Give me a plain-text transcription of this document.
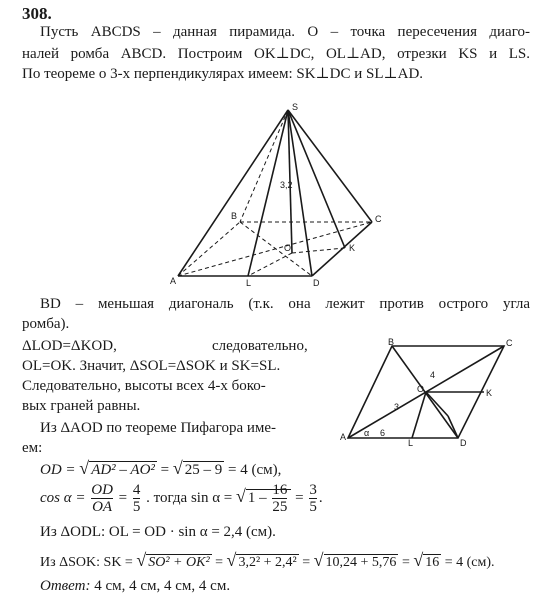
308.
Пусть ABCDS – данная пирамида. O – точка пересечения диаго-
налей ромба ABCD. Построим OK⊥DC, OL⊥AD, отрезки KS и LS.
По теореме о 3-х перпендикулярах имеем: SK⊥DC и SL⊥AD.
S
A
B	C
D
O	K
L
3,2
BD – меньшая диагональ (т.к. она лежит против острого угла
ромба).
ΔLOD=ΔKOD,	следовательно,
OL=OK. Значит, ΔSOL=ΔSOK и SK=SL.
Следовательно, высоты всех 4-х боко-
вых граней равны.
Из ΔAOD по теореме Пифагора име-
ем:
A
B	C
D
O	K
L
α
3
4
6
OD = √ AD² – AO² = √ 25 – 9 = 4 (см),
$\cos \alpha = \frac{OD}{OA} = \frac{4}{5}$ . тогда sin α = √ $1 - \frac{16}{25} = \frac{3}{5}$ .
Из ΔODL: OL = OD · sin α = 2,4 (см).
Из ΔSOK: SK = √ SO² + OK² = √ 3,2² + 2,4² = √ 10,24 + 5,76 = √ 16 = 4 (см).
Ответ: 4 см, 4 см, 4 см, 4 см.
